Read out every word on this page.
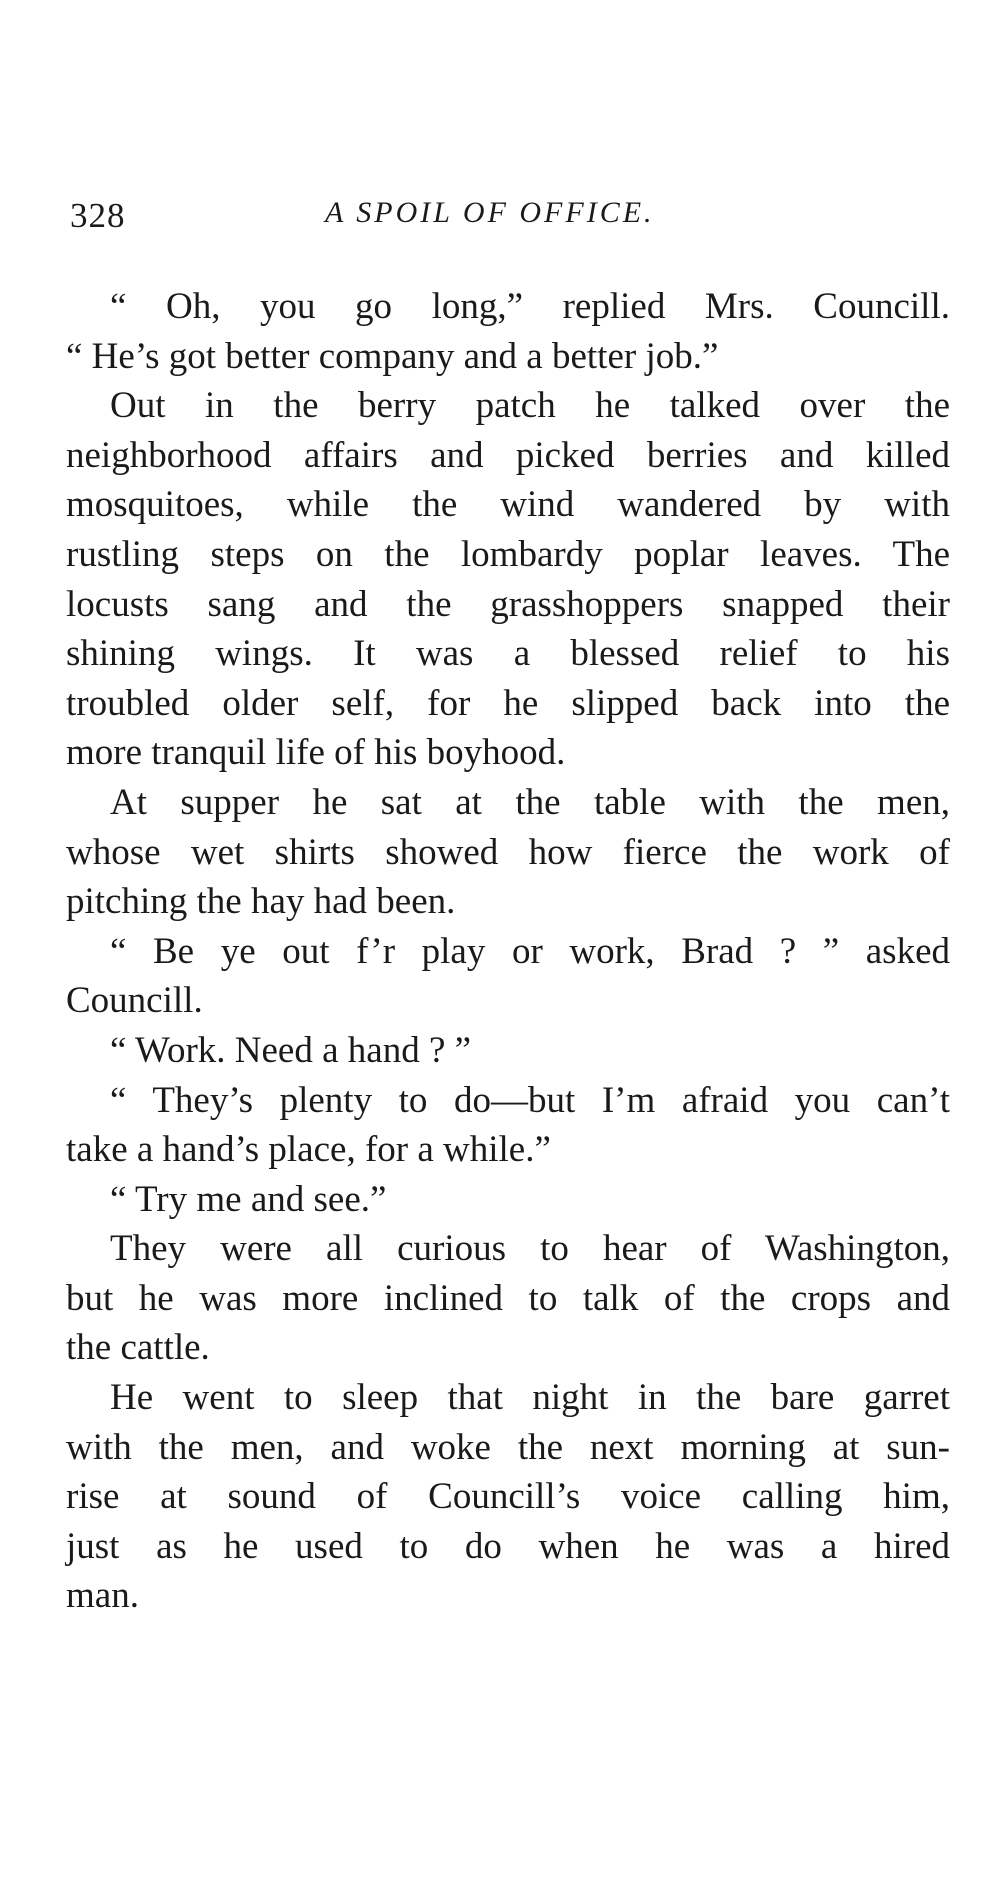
328	A SPOIL OF OFFICE.
“ Oh, you go long,” replied Mrs. Councill.
“ He’s got better company and a better job.”
Out in the berry patch he talked over the
neighborhood affairs and picked berries and killed
mosquitoes, while the wind wandered by with
rustling steps on the lombardy poplar leaves. The
locusts sang and the grasshoppers snapped their
shining wings. It was a blessed relief to his
troubled older self, for he slipped back into the
more tranquil life of his boyhood.
At supper he sat at the table with the men,
whose wet shirts showed how fierce the work of
pitching the hay had been.
“ Be ye out f’r play or work, Brad ? ” asked
Councill.
“ Work. Need a hand ? ”
“ They’s plenty to do—but I’m afraid you can’t
take a hand’s place, for a while.”
“ Try me and see.”
They were all curious to hear of Washington,
but he was more inclined to talk of the crops and
the cattle.
He went to sleep that night in the bare garret
with the men, and woke the next morning at sun-
rise at sound of Councill’s voice calling him,
just as he used to do when he was a hired
man.
